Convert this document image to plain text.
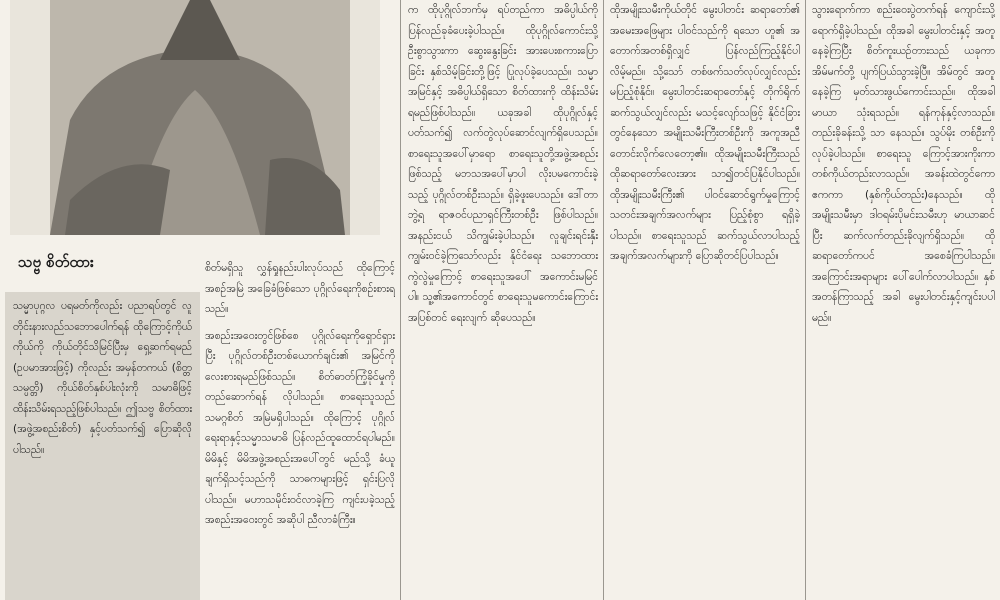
သဗ္ဗ စိတ်ထား

သမ္မာပုဂ္ဂလ ပရမတ်ကိုလည်း ပညာရပ်တွင် လူတိုင်းနားလည်သဘောပေါက်ရန် ထိုကြောင့်ကိုယ်ကိုယ်ကို ကိုယ်တိုင်သိမြင်ပြီးမှ ရှေ့ဆက်ရမည် (ဥပမာအားဖြင့်) ကိုလည်း အမှန်တကယ် (စိတ္တသမ္ပတ္တိ) ကိုယ်စိတ်နှစ်ပါးလုံးကို သမာဓိဖြင့်ထိန်းသိမ်းရသည့်ဖြစ်ပါသည်။ ဤသဗ္ဗ စိတ်ထား (အဖွဲ့အစည်းစိတ်) နှင့်ပတ်သက်၍ ပြောဆိုလိုပါသည်။

စိတ်မရှိသူ လွှန်ရှုနည်းပါးလုပ်သည် ထိုကြောင့်အစဉ်အမြဲ အခြေခံဖြစ်သော ပုဂ္ဂိုလ်ရေးကိုစဉ်းစားရသည်။

အစည်းအဝေးတွင်ဖြစ်စေ ပုဂ္ဂိုလ်ရေးကိုရှောင်ရှားပြီး ပုဂ္ဂိုလ်တစ်ဦးတစ်ယောက်ချင်း၏ အမြင်ကိုလေးစားရမည်ဖြစ်သည်။ စိတ်ဓာတ်ကြံ့ခိုင်မှုကိုတည်ဆောက်ရန် လိုပါသည်။ စာရေးသူသည် သမဂ္ဂစိတ် အမြဲမရှိပါသည်။ ထိုကြောင့် ပုဂ္ဂိုလ်ရေးရာနှင့်သမ္မာသမာဓိ ပြန်လည်ထူထောင်ရပါမည်။ မိမိနှင့် မိမိအဖွဲ့အစည်းအပေါ်တွင် မည်သို့ ခံယူချက်ရှိသင့်သည်ကို သာဓကများဖြင့် ရှင်းပြလိုပါသည်။ မဟာသမိုင်းဝင်လာခဲ့ကြ ကျင်းပခဲ့သည့်အစည်းအဝေးတွင် အဆိုပါ ညီလာခံကြီး။

က ထိုပုဂ္ဂိုလ်ဘက်မှ ရပ်တည်ကာ အဓိပ္ပါယ်ကို ပြန်လည်ခုခံပေးခဲ့ပါသည်။ ထိုပုဂ္ဂိုလ်ကောင်းသို့ ဦးစွာသွားကာ ဆွေးနွေးခြင်း အားပေးစကားပြောခြင်း နှစ်သိမ့်ခြင်းတို့ဖြင့် ပြုလုပ်ခဲ့ပေသည်။ သမ္မာအမြင်နှင့် အဓိပ္ပါယ်ရှိသော စိတ်ထားကို ထိန်းသိမ်းရမည်ဖြစ်ပါသည်။ ယခုအခါ ထိုပုဂ္ဂိုလ်နှင့် ပတ်သက်၍ လက်တွဲလုပ်ဆောင်လျက်ရှိပေသည်။ စာရေးသူအပေါ်မှာရော စာရေးသူတို့အဖွဲ့အစည်းဖြစ်သည့် မဘသအပေါ်မှာပါ လိုးပမကောင်းခဲ့သည့် ပုဂ္ဂိုလ်တစ်ဦးသည်။ ရှိခဲ့ဖူးပေသည်။ ဒေါ်တာဘွဲ့ရ ရာဇဝင်ပညာရှင်ကြီးတစ်ဦး ဖြစ်ပါသည်။ အနည်းငယ် သိကျွမ်းခဲ့ပါသည်။ လူချင်းရင်းနှီး ကျွမ်းဝင်ခဲ့ကြသော်လည်း နိုင်ငံရေး သဘောထားကွဲလွဲမှုကြောင့် စာရေးသူအပေါ် အကောင်းမမြင်ပါ။ သူ့၏အကောင်တွင် စာရေးသူမကောင်းကြောင်း အပြစ်တင် ရေးလျက် ဆိုပေသည်။

ထိုအမျိုးသမီးကိုယ်တိုင် မွေးပါတင်း ဆရာတော်၏ အမေးအဖြေများ ပါဝင်သည်ကို ရသော ဟူ၏ အတောက်အတစ်ရှိလျှင် ပြန်လည်ကြည့်နိုင်ပါလိမ့်မည်။ သို့သော် တစ်ဖက်သတ်လုပ်လျှင်လည်း မပြည့်စုံနိုင်။ မွေးပါတင်းဆရာတော်နှင့် တိုက်ရိုက်ဆက်သွယ်လျှင်လည်း မသင့်လျော်သဖြင့် နိုင်ငံခြားတွင်နေသော အမျိုးသမီးကြီးတစ်ဦးကို အကူအညီတောင်းလိုက်လေတော့၏။ ထိုအမျိုးသမီးကြီးသည် ထိုဆရာတော်လေးအား သာ၍တင်ပြနိုင်ပါသည်။ ထိုအမျိုးသမီးကြီး၏ ပါဝင်ဆောင်ရွက်မှုကြောင့် သတင်းအချက်အလက်များ ပြည့်စုံစွာ ရရှိခဲ့ပါသည်။ စာရေးသူသည် ဆက်သွယ်လာပါသည့် အချက်အလက်များကို ပြောဆိုတင်ပြပါသည်။

သွားရောက်ကာ စည်းဝေးပွဲတက်ရန် ကျောင်းသို့ ရောက်ရှိခဲ့ပါသည်။ ထိုအခါ မွေးပါတင်းနှင့် အတူနေခဲ့ကြပြီး စိတ်ကူးယဉ်တားသည် ယခုကာ အိမ်မက်တို့ ပျက်ပြယ်သွားခဲ့ပြီ။ အိမ်တွင် အတူနေခဲ့ကြ မှတ်သားဖွယ်ကောင်းသည်။ ထိုအခါ မာယာ သုံးရသည်။ ရန်ကုန်နှင့်လာသည်။ တည်းခိုခန်းသို့ သာ နေသည်။ သွပ်မိုး တစ်ဦးကိုလုပ်ခဲ့ပါသည်။ စာရေးသူ ကြောင့်အားကိုးကာ တစ်ကိုယ်တည်းလာသည်။ အခန်းထဲတွင်ကော ဧကကာ (နှစ်ကိုယ်တည်း)နေသည်။ ထိုအမျိုးသမီးမှာ ဒါဝရမ်းပိုမင်းသမီးဟု မာယာဆင်ပြီး ဆက်လက်တည်းခိုလျက်ရှိသည်။ ထိုဆရာတော်ကပင် အစေခံကြပါသည်။ အကြောင်းအရာများ ပေါ်ပေါက်လာပါသည်။ နှစ်အတန်ကြာသည့် အခါ မွေးပါတင်းနှင့်ကျင်းပပါမည်။
